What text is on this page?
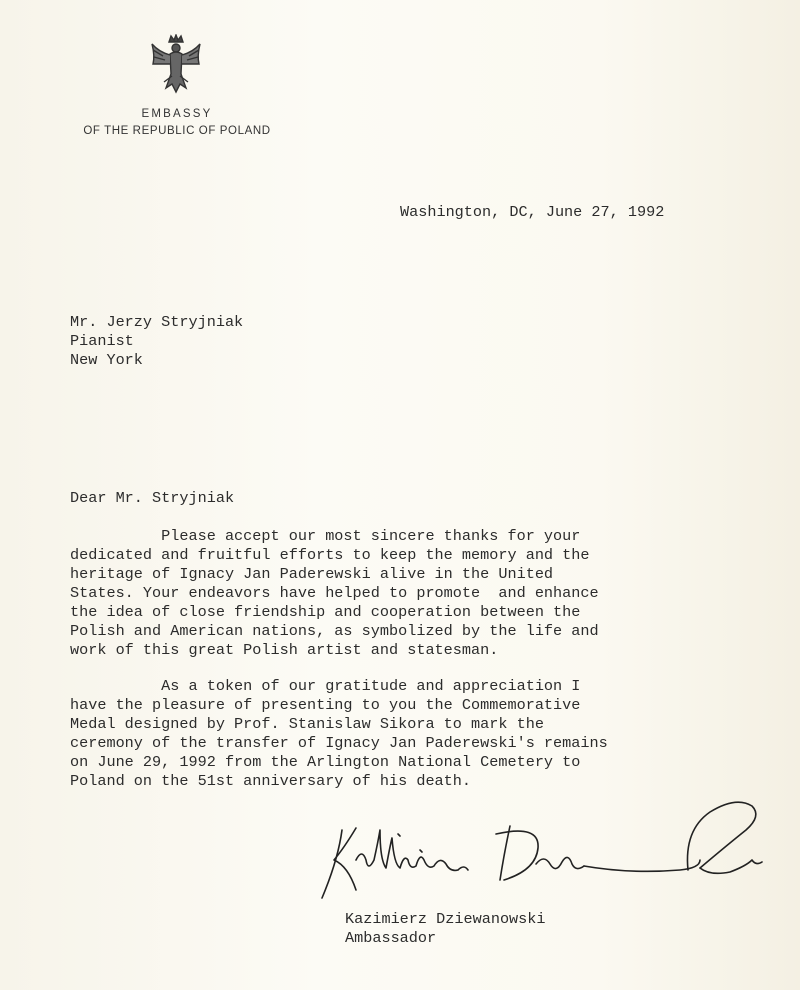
EMBASSY
OF THE REPUBLIC OF POLAND
Washington, DC, June 27, 1992
Mr. Jerzy Stryjniak
Pianist
New York
Dear Mr. Stryjniak
Please accept our most sincere thanks for your
dedicated and fruitful efforts to keep the memory and the
heritage of Ignacy Jan Paderewski alive in the United
States. Your endeavors have helped to promote  and enhance
the idea of close friendship and cooperation between the
Polish and American nations, as symbolized by the life and
work of this great Polish artist and statesman.
As a token of our gratitude and appreciation I
have the pleasure of presenting to you the Commemorative
Medal designed by Prof. Stanislaw Sikora to mark the
ceremony of the transfer of Ignacy Jan Paderewski's remains
on June 29, 1992 from the Arlington National Cemetery to
Poland on the 51st anniversary of his death.
Kazimierz Dziewanowski
Ambassador
